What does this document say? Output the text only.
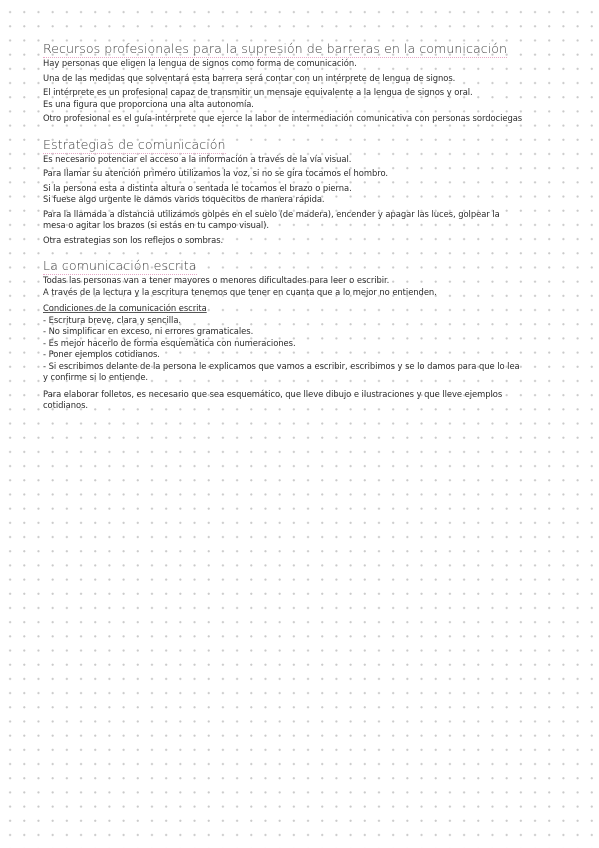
Recursos profesionales para la supresión de barreras en la comunicación

Hay personas que eligen la lengua de signos como forma de comunicación.

Una de las medidas que solventará esta barrera será contar con un intérprete de lengua de signos.

El intérprete es un profesional capaz de transmitir un mensaje equivalente a la lengua de signos y oral.

Es una figura que proporciona una alta autonomía.

Otro profesional es el guía-intérprete que ejerce la labor de intermediación comunicativa con personas sordociegas

Estrategias de comunicación

Es necesario potenciar el acceso a la información a través de la vía visual.

Para llamar su atención primero utilizamos la voz, si no se gira tocamos el hombro.

Si la persona esta a distinta altura o sentada le tocamos el brazo o pierna.

Si fuese algo urgente le damos varios toquecitos de manera rápida.

Para la llamada a distancia utilizamos golpes en el suelo (de madera), encender y apagar las luces, golpear la

mesa o agitar los brazos (si estás en tu campo visual).

Otra estrategias son los reflejos o sombras.

La comunicación escrita

Todas las personas van a tener mayores o menores dificultades para leer o escribir.

A través de la lectura y la escritura tenemos que tener en cuanta que a lo mejor no entienden.

Condiciones de la comunicación escrita

- Escritura breve, clara y sencilla.

- No simplificar en exceso, ni errores gramaticales.

- Es mejor hacerlo de forma esquemática con numeraciones.

- Poner ejemplos cotidianos.

- Si escribimos delante de la persona le explicamos que vamos a escribir, escribimos y se lo damos para que lo lea

y confirme si lo entiende.

Para elaborar folletos, es necesario que sea esquemático, que lleve dibujo e ilustraciones y que lleve ejemplos

cotidianos.
